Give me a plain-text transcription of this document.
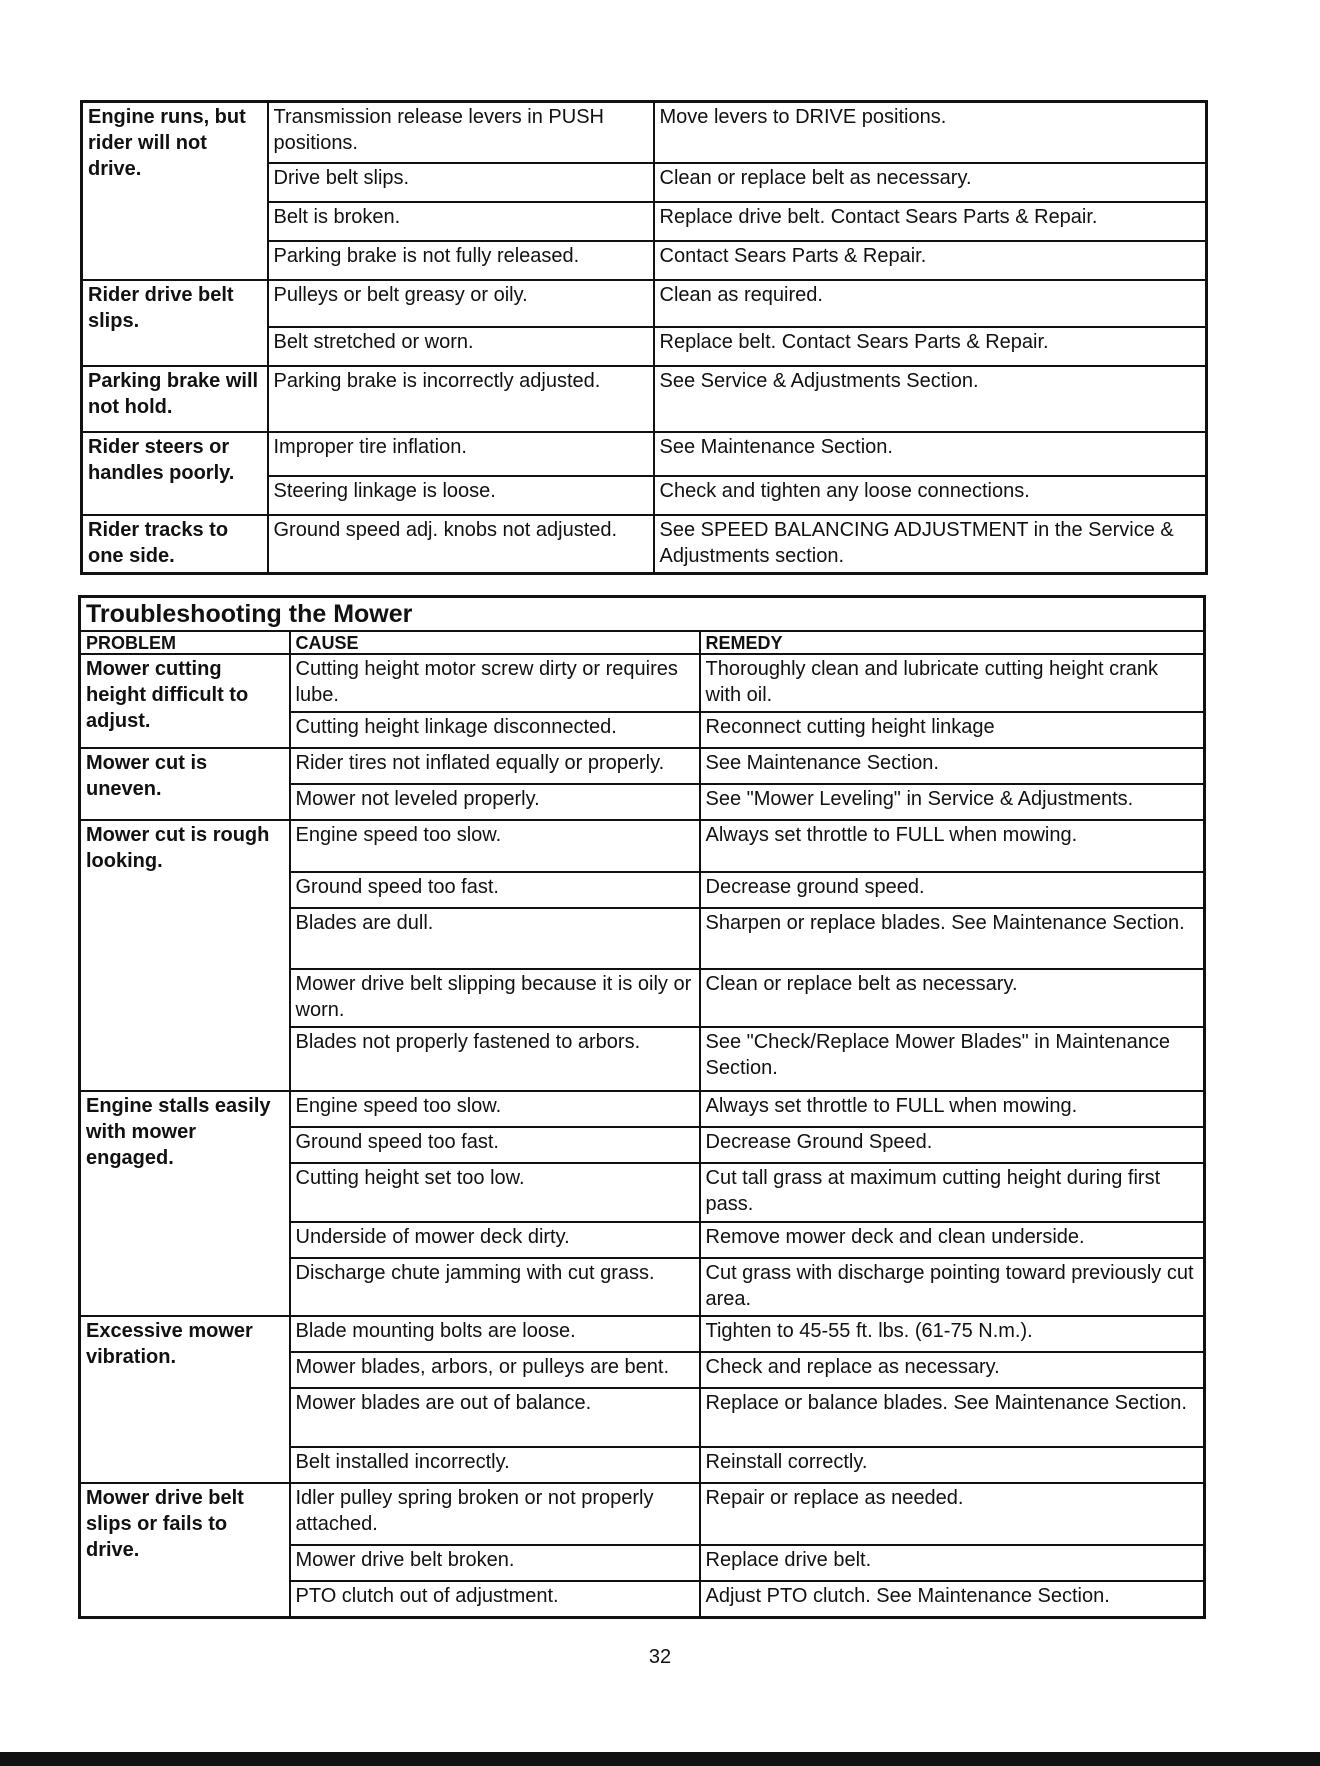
Engine runs, but rider will not drive.	Transmission release levers in PUSH positions.	Move levers to DRIVE positions.
	Drive belt slips.	Clean or replace belt as necessary.
	Belt is broken.	Replace drive belt. Contact Sears Parts & Repair.
	Parking brake is not fully released.	Contact Sears Parts & Repair.
Rider drive belt slips.	Pulleys or belt greasy or oily.	Clean as required.
	Belt stretched or worn.	Replace belt. Contact Sears Parts & Repair.
Parking brake will not hold.	Parking brake is incorrectly adjusted.	See Service & Adjustments Section.
Rider steers or handles poorly.	Improper tire inflation.	See Maintenance Section.
	Steering linkage is loose.	Check and tighten any loose connections.
Rider tracks to one side.	Ground speed adj. knobs not adjusted.	See SPEED BALANCING ADJUSTMENT in the Service & Adjustments section.
Troubleshooting the Mower		
PROBLEM	CAUSE	REMEDY
Mower cutting height difficult to adjust.	Cutting height motor screw dirty or requires lube.	Thoroughly clean and lubricate cutting height crank with oil.
	Cutting height linkage disconnected.	Reconnect cutting height linkage
Mower cut is uneven.	Rider tires not inflated equally or properly.	See Maintenance Section.
	Mower not leveled properly.	See "Mower Leveling" in Service & Adjustments.
Mower cut is rough looking.	Engine speed too slow.	Always set throttle to FULL when mowing.
	Ground speed too fast.	Decrease ground speed.
	Blades are dull.	Sharpen or replace blades. See Maintenance Section.
	Mower drive belt slipping because it is oily or worn.	Clean or replace belt as necessary.
	Blades not properly fastened to arbors.	See "Check/Replace Mower Blades" in Maintenance Section.
Engine stalls easily with mower engaged.	Engine speed too slow.	Always set throttle to FULL when mowing.
	Ground speed too fast.	Decrease Ground Speed.
	Cutting height set too low.	Cut tall grass at maximum cutting height during first pass.
	Underside of mower deck dirty.	Remove mower deck and clean underside.
	Discharge chute jamming with cut grass.	Cut grass with discharge pointing toward previously cut area.
Excessive mower vibration.	Blade mounting bolts are loose.	Tighten to 45-55 ft. lbs. (61-75 N.m.).
	Mower blades, arbors, or pulleys are bent.	Check and replace as necessary.
	Mower blades are out of balance.	Replace or balance blades. See Maintenance Section.
	Belt installed incorrectly.	Reinstall correctly.
Mower drive belt slips or fails to drive.	Idler pulley spring broken or not properly attached.	Repair or replace as needed.
	Mower drive belt broken.	Replace drive belt.
	PTO clutch out of adjustment.	Adjust PTO clutch. See Maintenance Section.
32
